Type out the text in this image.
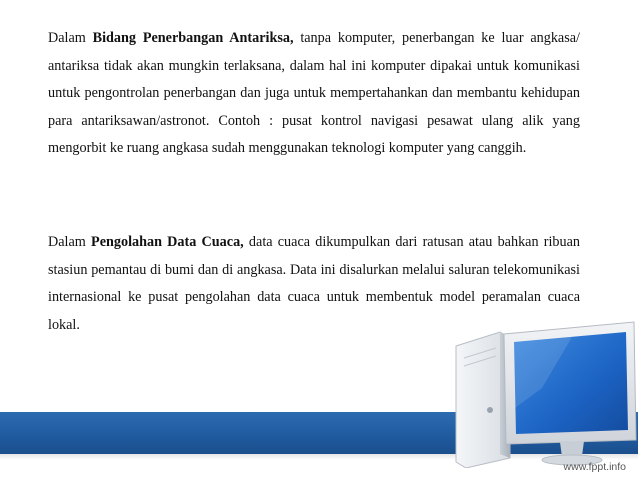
Dalam Bidang Penerbangan Antariksa, tanpa komputer, penerbangan ke luar angkasa/ antariksa tidak akan mungkin terlaksana, dalam hal ini komputer dipakai untuk komunikasi untuk pengontrolan penerbangan dan juga untuk mempertahankan dan membantu kehidupan para antariksawan/astronot. Contoh : pusat kontrol navigasi pesawat ulang alik yang mengorbit ke ruang angkasa sudah menggunakan teknologi komputer yang canggih.
Dalam Pengolahan Data Cuaca, data cuaca dikumpulkan dari ratusan atau bahkan ribuan stasiun pemantau di bumi dan di angkasa. Data ini disalurkan melalui saluran telekomunikasi internasional ke pusat pengolahan data cuaca untuk membentuk model peramalan cuaca lokal.
www.fppt.info
